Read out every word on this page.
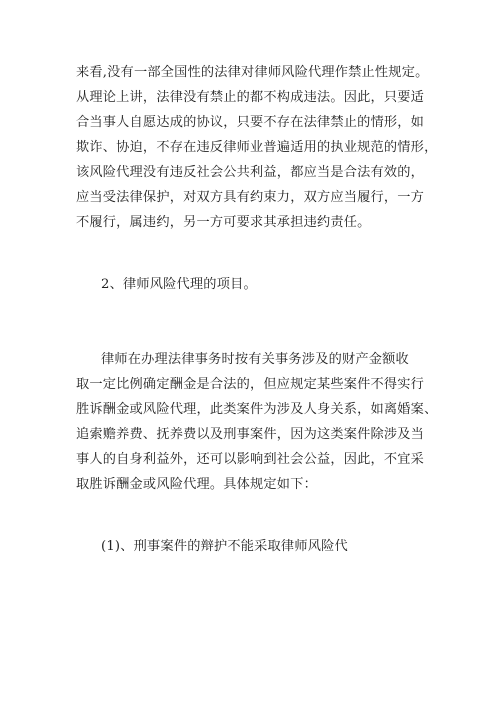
来看,没有一部全国性的法律对律师风险代理作禁止性规定。
从理论上讲，法律没有禁止的都不构成违法。因此，只要适
合当事人自愿达成的协议，只要不存在法律禁止的情形，如
欺诈、协迫，不存在违反律师业普遍适用的执业规范的情形，
该风险代理没有违反社会公共利益，都应当是合法有效的，
应当受法律保护，对双方具有约束力，双方应当履行，一方
不履行，属违约，另一方可要求其承担违约责任。
2、律师风险代理的项目。
律师在办理法律事务时按有关事务涉及的财产金额收
取一定比例确定酬金是合法的，但应规定某些案件不得实行
胜诉酬金或风险代理，此类案件为涉及人身关系，如离婚案、
追索赡养费、抚养费以及刑事案件，因为这类案件除涉及当
事人的自身利益外，还可以影响到社会公益，因此，不宜采
取胜诉酬金或风险代理。具体规定如下：
(1)、刑事案件的辩护不能采取律师风险代
